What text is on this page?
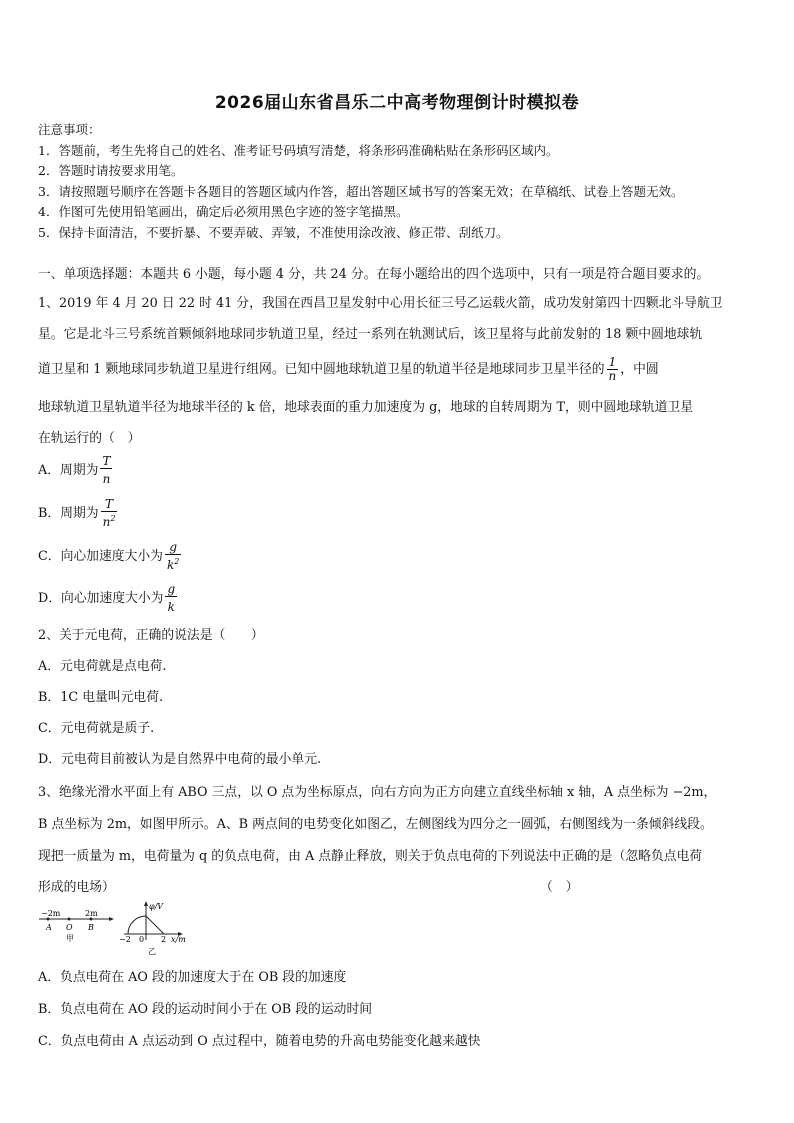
2026届山东省昌乐二中高考物理倒计时模拟卷
注意事项：
1．答题前，考生先将自己的姓名、准考证号码填写清楚，将条形码准确粘贴在条形码区域内。
2．答题时请按要求用笔。
3．请按照题号顺序在答题卡各题目的答题区域内作答，超出答题区域书写的答案无效；在草稿纸、试卷上答题无效。
4．作图可先使用铅笔画出，确定后必须用黑色字迹的签字笔描黑。
5．保持卡面清洁，不要折暴、不要弄破、弄皱，不准使用涂改液、修正带、刮纸刀。
一、单项选择题：本题共 6 小题，每小题 4 分，共 24 分。在每小题给出的四个选项中，只有一项是符合题目要求的。
1、2019 年 4 月 20 日 22 时 41 分，我国在西昌卫星发射中心用长征三号乙运载火箭，成功发射第四十四颗北斗导航卫
星。它是北斗三号系统首颗倾斜地球同步轨道卫星，经过一系列在轨测试后，该卫星将与此前发射的 18 颗中圆地球轨
道卫星和 1 颗地球同步轨道卫星进行组网。已知中圆地球轨道卫星的轨道半径是地球同步卫星半径的 $\frac{1}{n}$ ，中圆
地球轨道卫星轨道半径为地球半径的 k 倍，地球表面的重力加速度为 g，地球的自转周期为 T，则中圆地球轨道卫星
在轨运行的（　）
A．周期为 $\frac{T}{n}$
B．周期为 $\frac{T}{n^2}$
C．向心加速度大小为 $\frac{g}{k^2}$
D．向心加速度大小为 $\frac{g}{k}$
2、关于元电荷，正确的说法是（　　）
A．元电荷就是点电荷.
B．1C 电量叫元电荷.
C．元电荷就是质子.
D．元电荷目前被认为是自然界中电荷的最小单元.
3、绝缘光滑水平面上有 ABO 三点，以 O 点为坐标原点，向右方向为正方向建立直线坐标轴 x 轴，A 点坐标为 −2m，
B 点坐标为 2m，如图甲所示。A、B 两点间的电势变化如图乙，左侧图线为四分之一圆弧，右侧图线为一条倾斜线段。
现把一质量为 m，电荷量为 q 的负点电荷，由 A 点静止释放，则关于负点电荷的下列说法中正确的是（忽略负点电荷
形成的电场）	（　）
−2m	2m
A O B
甲
φ/V
x/m
−2 0 2
乙
A．负点电荷在 AO 段的加速度大于在 OB 段的加速度
B．负点电荷在 AO 段的运动时间小于在 OB 段的运动时间
C．负点电荷由 A 点运动到 O 点过程中，随着电势的升高电势能变化越来越快
